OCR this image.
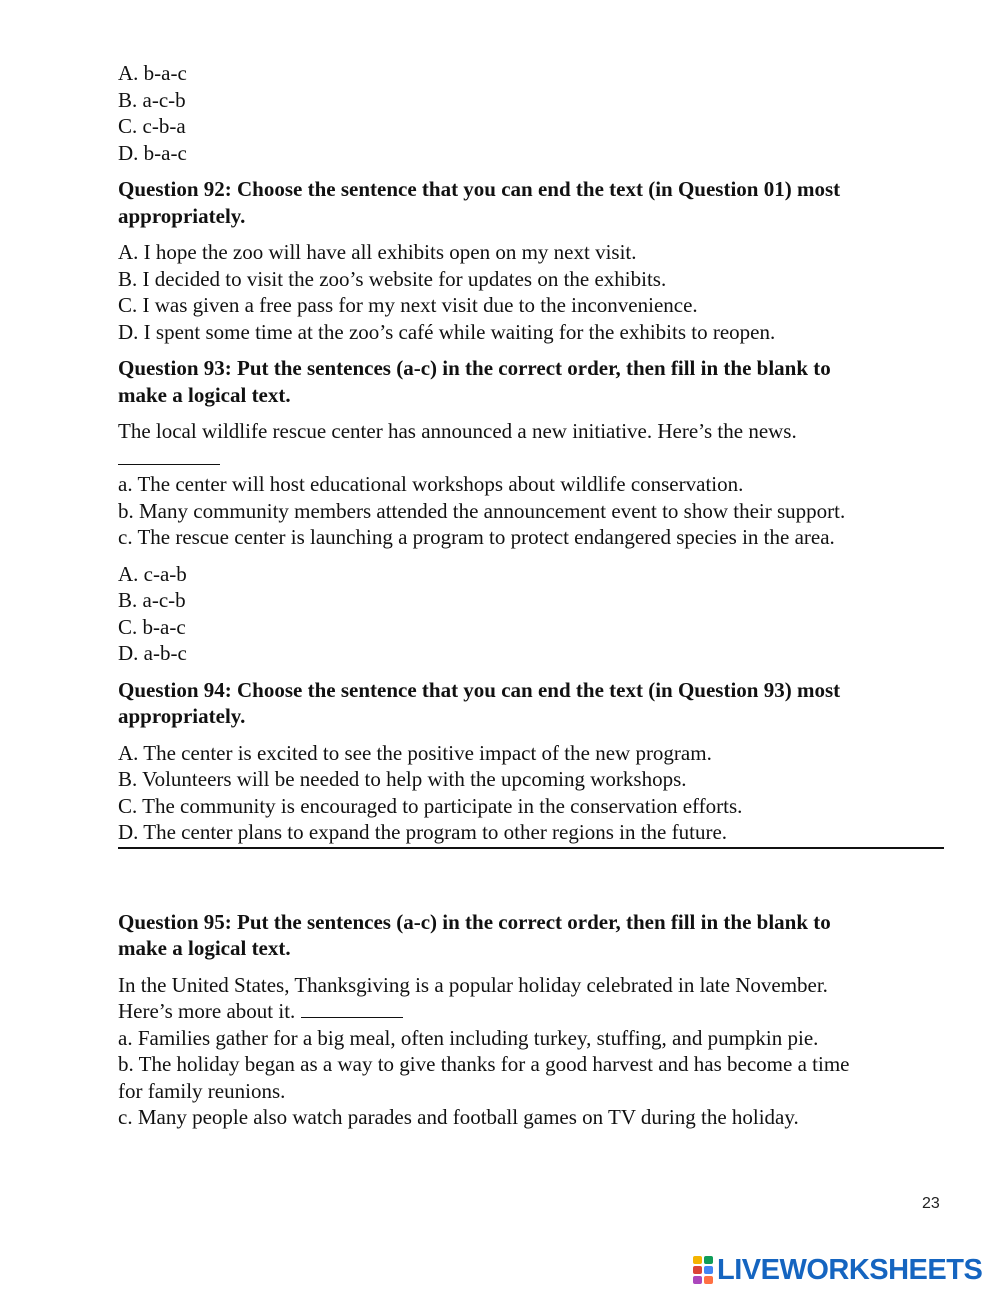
A. b-a-c
B. a-c-b
C. c-b-a
D. b-a-c
Question 92: Choose the sentence that you can end the text (in Question 01) most
appropriately.
A. I hope the zoo will have all exhibits open on my next visit.
B. I decided to visit the zoo’s website for updates on the exhibits.
C. I was given a free pass for my next visit due to the inconvenience.
D. I spent some time at the zoo’s café while waiting for the exhibits to reopen.
Question 93: Put the sentences (a-c) in the correct order, then fill in the blank to
make a logical text.
The local wildlife rescue center has announced a new initiative. Here’s the news.
a. The center will host educational workshops about wildlife conservation.
b. Many community members attended the announcement event to show their support.
c. The rescue center is launching a program to protect endangered species in the area.
A. c-a-b
B. a-c-b
C. b-a-c
D. a-b-c
Question 94: Choose the sentence that you can end the text (in Question 93) most
appropriately.
A. The center is excited to see the positive impact of the new program.
B. Volunteers will be needed to help with the upcoming workshops.
C. The community is encouraged to participate in the conservation efforts.
D. The center plans to expand the program to other regions in the future.
Question 95: Put the sentences (a-c) in the correct order, then fill in the blank to
make a logical text.
In the United States, Thanksgiving is a popular holiday celebrated in late November.
Here’s more about it.
a. Families gather for a big meal, often including turkey, stuffing, and pumpkin pie.
b. The holiday began as a way to give thanks for a good harvest and has become a time
for family reunions.
c. Many people also watch parades and football games on TV during the holiday.
23
LIVEWORKSHEETS
